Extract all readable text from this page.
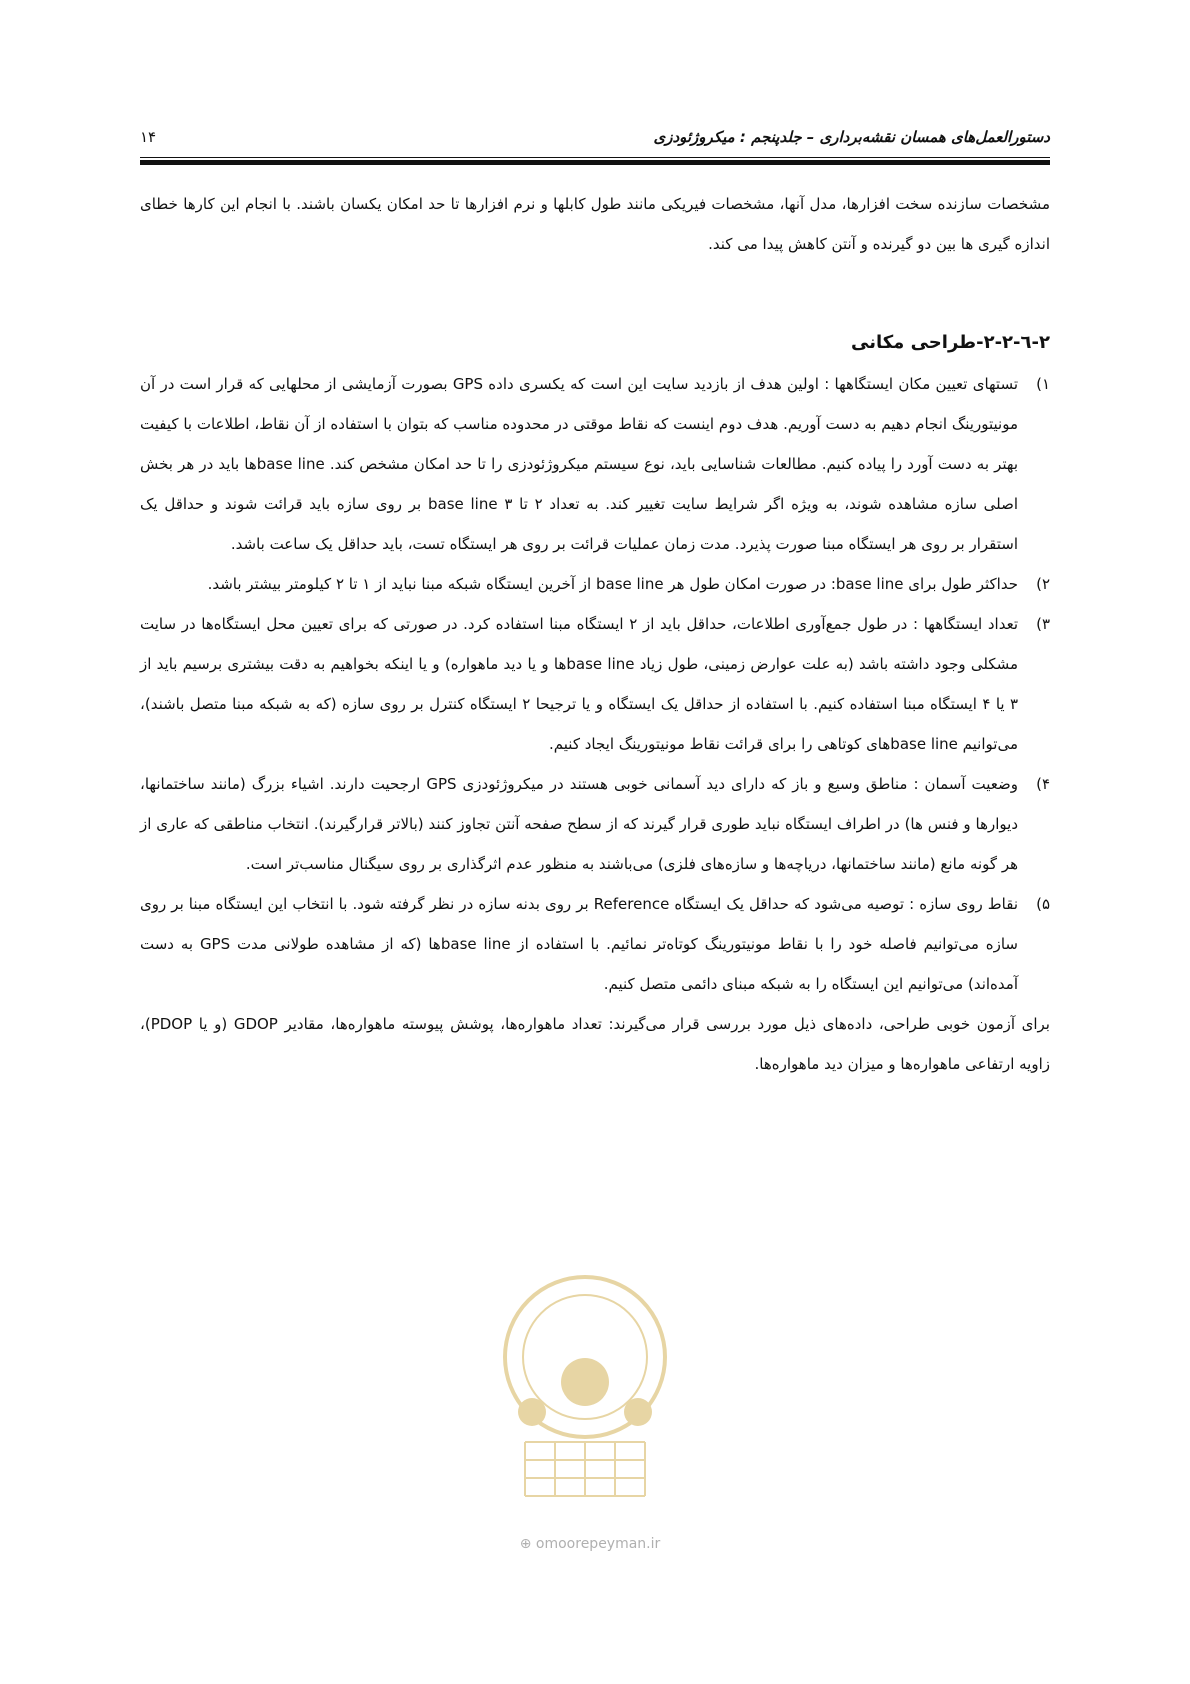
دستورالعمل‌های همسان نقشه‌برداری – جلدپنجم : میکروژئودزی
۱۴

مشخصات سازنده سخت افزارها، مدل آنها، مشخصات فیریکی مانند طول کابلها و نرم افزارها تا حد امکان یکسان باشند. با انجام این کارها خطای اندازه گیری ها بین دو گیرنده و آنتن کاهش پیدا می کند.

۲-٦-۲-۲-طراحی مکانی
۱)
تستهای تعیین مکان ایستگاهها : اولین هدف از بازدید سایت این است که یکسری داده GPS بصورت آزمایشی از محلهایی که قرار است در آن مونیتورینگ انجام دهیم به دست آوریم. هدف دوم اینست که نقاط موقتی در محدوده مناسب که بتوان با استفاده از آن نقاط، اطلاعات با کیفیت بهتر به دست آورد را پیاده کنیم. مطالعات شناسایی باید، نوع سیستم میکروژئودزی را تا حد امکان مشخص کند. base line‌ها باید در هر بخش اصلی سازه مشاهده شوند، به ویژه اگر شرایط سایت تغییر کند. به تعداد ۲ تا ۳ base line بر روی سازه باید قرائت شوند و حداقل یک استقرار بر روی هر ایستگاه مبنا صورت پذیرد. مدت زمان عملیات قرائت بر روی هر ایستگاه تست، باید حداقل یک ساعت باشد.
۲)
حداکثر طول برای base line: در صورت امکان طول هر base line از آخرین ایستگاه شبکه مبنا نباید از ۱ تا ۲ کیلومتر بیشتر باشد.
۳)
تعداد ایستگاهها : در طول جمع‌آوری اطلاعات، حداقل باید از ۲ ایستگاه مبنا استفاده کرد. در صورتی که برای تعیین محل ایستگاه‌ها در سایت مشکلی وجود داشته باشد (به علت عوارض زمینی، طول زیاد base line‌ها و یا دید ماهواره) و یا اینکه بخواهیم به دقت بیشتری برسیم باید از ۳ یا ۴ ایستگاه مبنا استفاده کنیم. با استفاده از حداقل یک ایستگاه و یا ترجیحا ۲ ایستگاه کنترل بر روی سازه (که به شبکه مبنا متصل باشند)، می‌توانیم base line‌های کوتاهی را برای قرائت نقاط مونیتورینگ ایجاد کنیم.
۴)
وضعیت آسمان : مناطق وسیع و باز که دارای دید آسمانی خوبی هستند در میکروژئودزی GPS ارجحیت دارند. اشیاء بزرگ (مانند ساختمانها، دیوارها و فنس ها) در اطراف ایستگاه نباید طوری قرار گیرند که از سطح صفحه آنتن تجاوز کنند (بالاتر قرارگیرند). انتخاب مناطقی که عاری از هر گونه مانع (مانند ساختمانها، دریاچه‌ها و سازه‌های فلزی) می‌باشند به منظور عدم اثرگذاری بر روی سیگنال مناسب‌تر است.
۵)
نقاط روی سازه : توصیه می‌شود که حداقل یک ایستگاه Reference بر روی بدنه سازه در نظر گرفته شود. با انتخاب این ایستگاه مبنا بر روی سازه می‌توانیم فاصله خود را با نقاط مونیتورینگ کوتاه‌تر نمائیم. با استفاده از base line‌ها (که از مشاهده طولانی مدت GPS به دست آمده‌اند) می‌توانیم این ایستگاه را به شبکه مبنای دائمی متصل کنیم.

برای آزمون خوبی طراحی، داده‌های ذیل مورد بررسی قرار می‌گیرند: تعداد ماهواره‌ها، پوشش پیوسته ماهواره‌ها، مقادیر GDOP (و یا PDOP)، زاویه ارتفاعی ماهواره‌ها و میزان دید ماهواره‌ها.

⊕ omoorepeyman.ir
